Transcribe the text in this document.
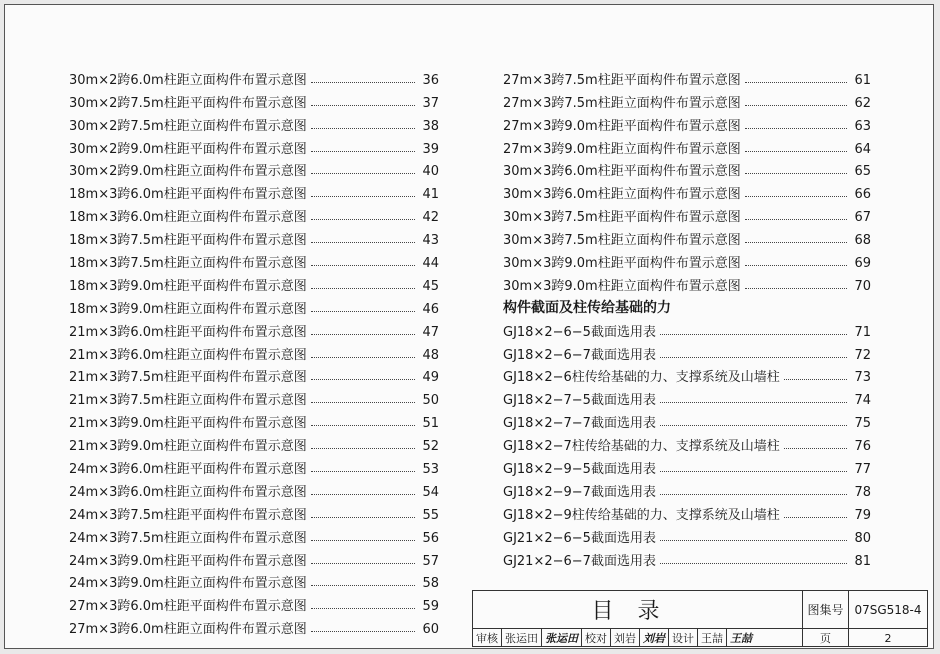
30m×2跨6.0m柱距立面构件布置示意图	36
30m×2跨7.5m柱距平面构件布置示意图	37
30m×2跨7.5m柱距立面构件布置示意图	38
30m×2跨9.0m柱距平面构件布置示意图	39
30m×2跨9.0m柱距立面构件布置示意图	40
18m×3跨6.0m柱距平面构件布置示意图	41
18m×3跨6.0m柱距立面构件布置示意图	42
18m×3跨7.5m柱距平面构件布置示意图	43
18m×3跨7.5m柱距立面构件布置示意图	44
18m×3跨9.0m柱距平面构件布置示意图	45
18m×3跨9.0m柱距立面构件布置示意图	46
21m×3跨6.0m柱距平面构件布置示意图	47
21m×3跨6.0m柱距立面构件布置示意图	48
21m×3跨7.5m柱距平面构件布置示意图	49
21m×3跨7.5m柱距立面构件布置示意图	50
21m×3跨9.0m柱距平面构件布置示意图	51
21m×3跨9.0m柱距立面构件布置示意图	52
24m×3跨6.0m柱距平面构件布置示意图	53
24m×3跨6.0m柱距立面构件布置示意图	54
24m×3跨7.5m柱距平面构件布置示意图	55
24m×3跨7.5m柱距立面构件布置示意图	56
24m×3跨9.0m柱距平面构件布置示意图	57
24m×3跨9.0m柱距立面构件布置示意图	58
27m×3跨6.0m柱距平面构件布置示意图	59
27m×3跨6.0m柱距立面构件布置示意图	60
27m×3跨7.5m柱距平面构件布置示意图	61
27m×3跨7.5m柱距立面构件布置示意图	62
27m×3跨9.0m柱距平面构件布置示意图	63
27m×3跨9.0m柱距立面构件布置示意图	64
30m×3跨6.0m柱距平面构件布置示意图	65
30m×3跨6.0m柱距立面构件布置示意图	66
30m×3跨7.5m柱距平面构件布置示意图	67
30m×3跨7.5m柱距立面构件布置示意图	68
30m×3跨9.0m柱距平面构件布置示意图	69
30m×3跨9.0m柱距立面构件布置示意图	70
构件截面及柱传给基础的力
GJ18×2−6−5截面选用表	71
GJ18×2−6−7截面选用表	72
GJ18×2−6柱传给基础的力、支撑系统及山墙柱	73
GJ18×2−7−5截面选用表	74
GJ18×2−7−7截面选用表	75
GJ18×2−7柱传给基础的力、支撑系统及山墙柱	76
GJ18×2−9−5截面选用表	77
GJ18×2−9−7截面选用表	78
GJ18×2−9柱传给基础的力、支撑系统及山墙柱	79
GJ21×2−6−5截面选用表	80
GJ21×2−6−7截面选用表	81
目录	图集号 07SG518-4
审核 张运田 张运田 校对 刘岩 刘岩 设计 王喆 王喆	页	2
